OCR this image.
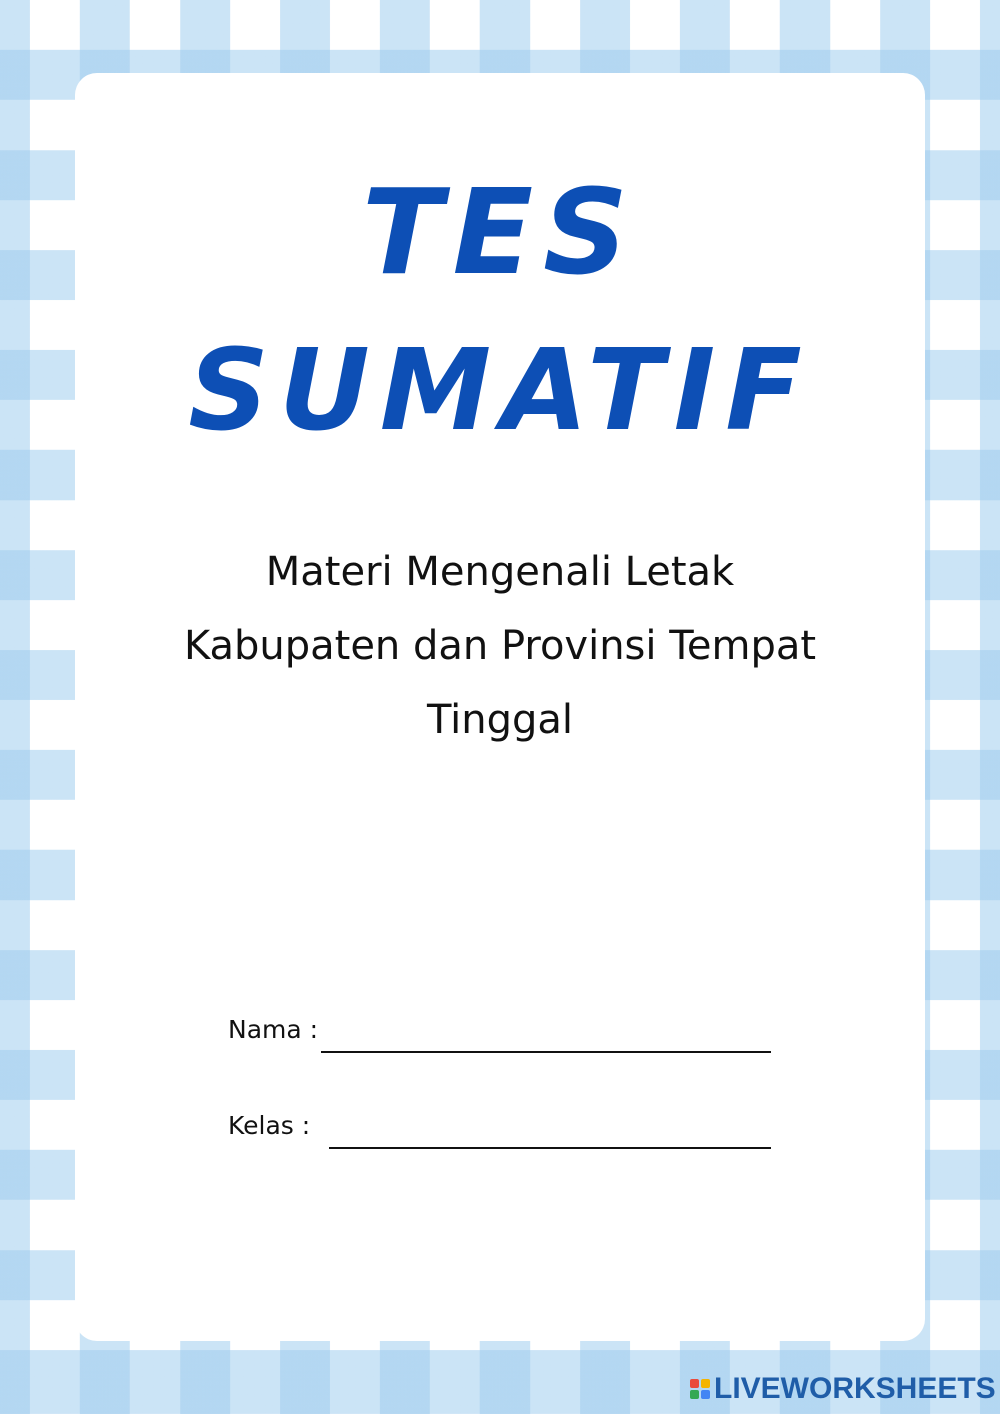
TES
SUMATIF
Materi Mengenali Letak
Kabupaten dan Provinsi Tempat
Tinggal
Nama :
Kelas :
LIVEWORKSHEETS
